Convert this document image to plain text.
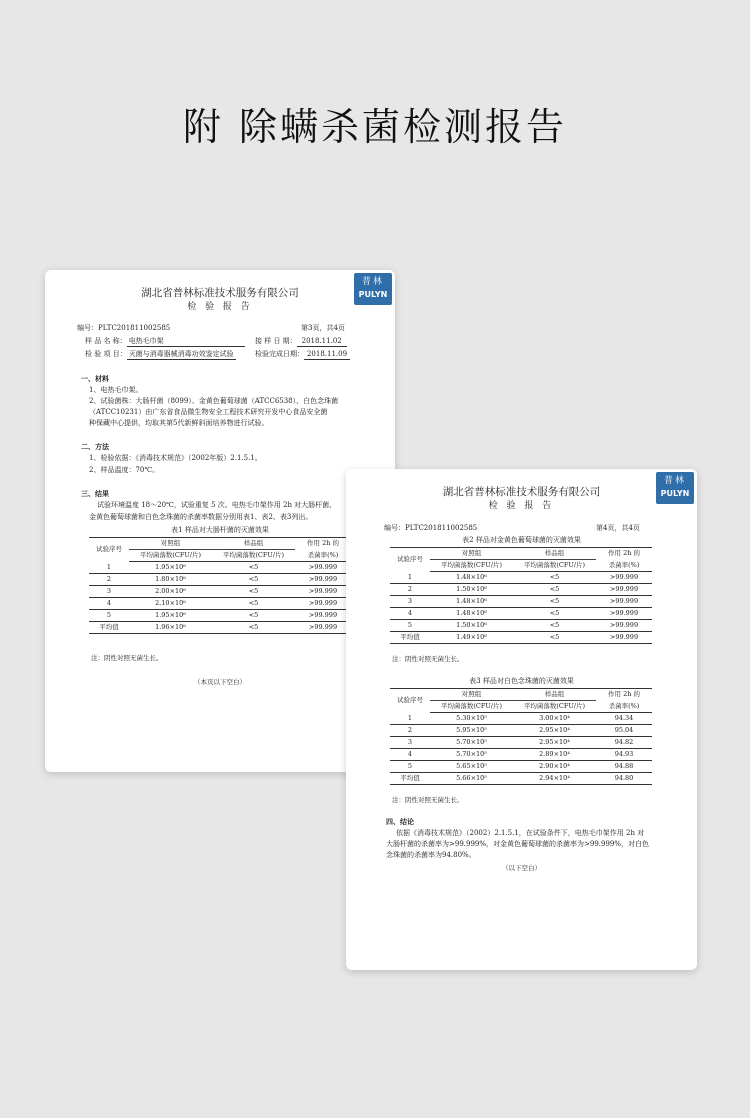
附 除螨杀菌检测报告
普林
PULYN
湖北省普林标准技术服务有限公司
检 验 报 告
编号：PLTC201811002585	第3页，共4页
样 品 名 称： 电热毛巾架	接 样 日 期： 2018.11.02
检 验 项 目： 灭菌与消毒器械消毒功效鉴定试验	检验完成日期： 2018.11.09
一、材料
1、电热毛巾架。
2、试验菌株：大肠杆菌（8099）、金黄色葡萄球菌（ATCC6538）、白色念珠菌
（ATCC10231）由广东省食品微生物安全工程技术研究开发中心食品安全菌
种保藏中心提供，均取其第5代新鲜斜面培养物进行试验。
二、方法
1、检验依据：《消毒技术规范》（2002年版）2.1.5.1。
2、样品温度：70℃。
三、结果
试验环境温度 18～20℃，试验重复 5 次。电热毛巾架作用 2h 对大肠杆菌、
金黄色葡萄球菌和白色念珠菌的杀菌率数据分别用表1、表2、表3列出。
表1 样品对大肠杆菌的灭菌效果
试验序号	对照组	样品组	作用 2h 的
	平均菌落数(CFU/片)	平均菌落数(CFU/片)	杀菌率(%)
1	1.95×10⁶	<5	>99.999
2	1.80×10⁶	<5	>99.999
3	2.00×10⁶	<5	>99.999
4	2.10×10⁶	<5	>99.999
5	1.95×10⁶	<5	>99.999
平均值	1.96×10⁶	<5	>99.999
注：阴性对照无菌生长。
（本页以下空白）
普林
PULYN
湖北省普林标准技术服务有限公司
检 验 报 告
编号：PLTC201811002585	第4页，共4页
表2 样品对金黄色葡萄球菌的灭菌效果
试验序号	对照组	样品组	作用 2h 的
	平均菌落数(CFU/片)	平均菌落数(CFU/片)	杀菌率(%)
1	1.48×10⁶	<5	>99.999
2	1.50×10⁶	<5	>99.999
3	1.48×10⁶	<5	>99.999
4	1.48×10⁶	<5	>99.999
5	1.50×10⁶	<5	>99.999
平均值	1.49×10⁶	<5	>99.999
注：阴性对照无菌生长。
表3 样品对白色念珠菌的灭菌效果
试验序号	对照组	样品组	作用 2h 的
	平均菌落数(CFU/片)	平均菌落数(CFU/片)	杀菌率(%)
1	5.30×10⁵	3.00×10⁴	94.34
2	5.95×10⁵	2.95×10⁴	95.04
3	5.70×10⁵	2.95×10⁴	94.82
4	5.70×10⁵	2.89×10⁴	94.93
5	5.65×10⁵	2.90×10⁴	94.88
平均值	5.66×10⁵	2.94×10⁴	94.80
注：阴性对照无菌生长。
四、结论
依据《消毒技术规范》（2002）2.1.5.1，在试验条件下，电热毛巾架作用 2h 对
大肠杆菌的杀菌率为>99.999%，对金黄色葡萄球菌的杀菌率为>99.999%，对白色
念珠菌的杀菌率为94.80%。
（以下空白）
